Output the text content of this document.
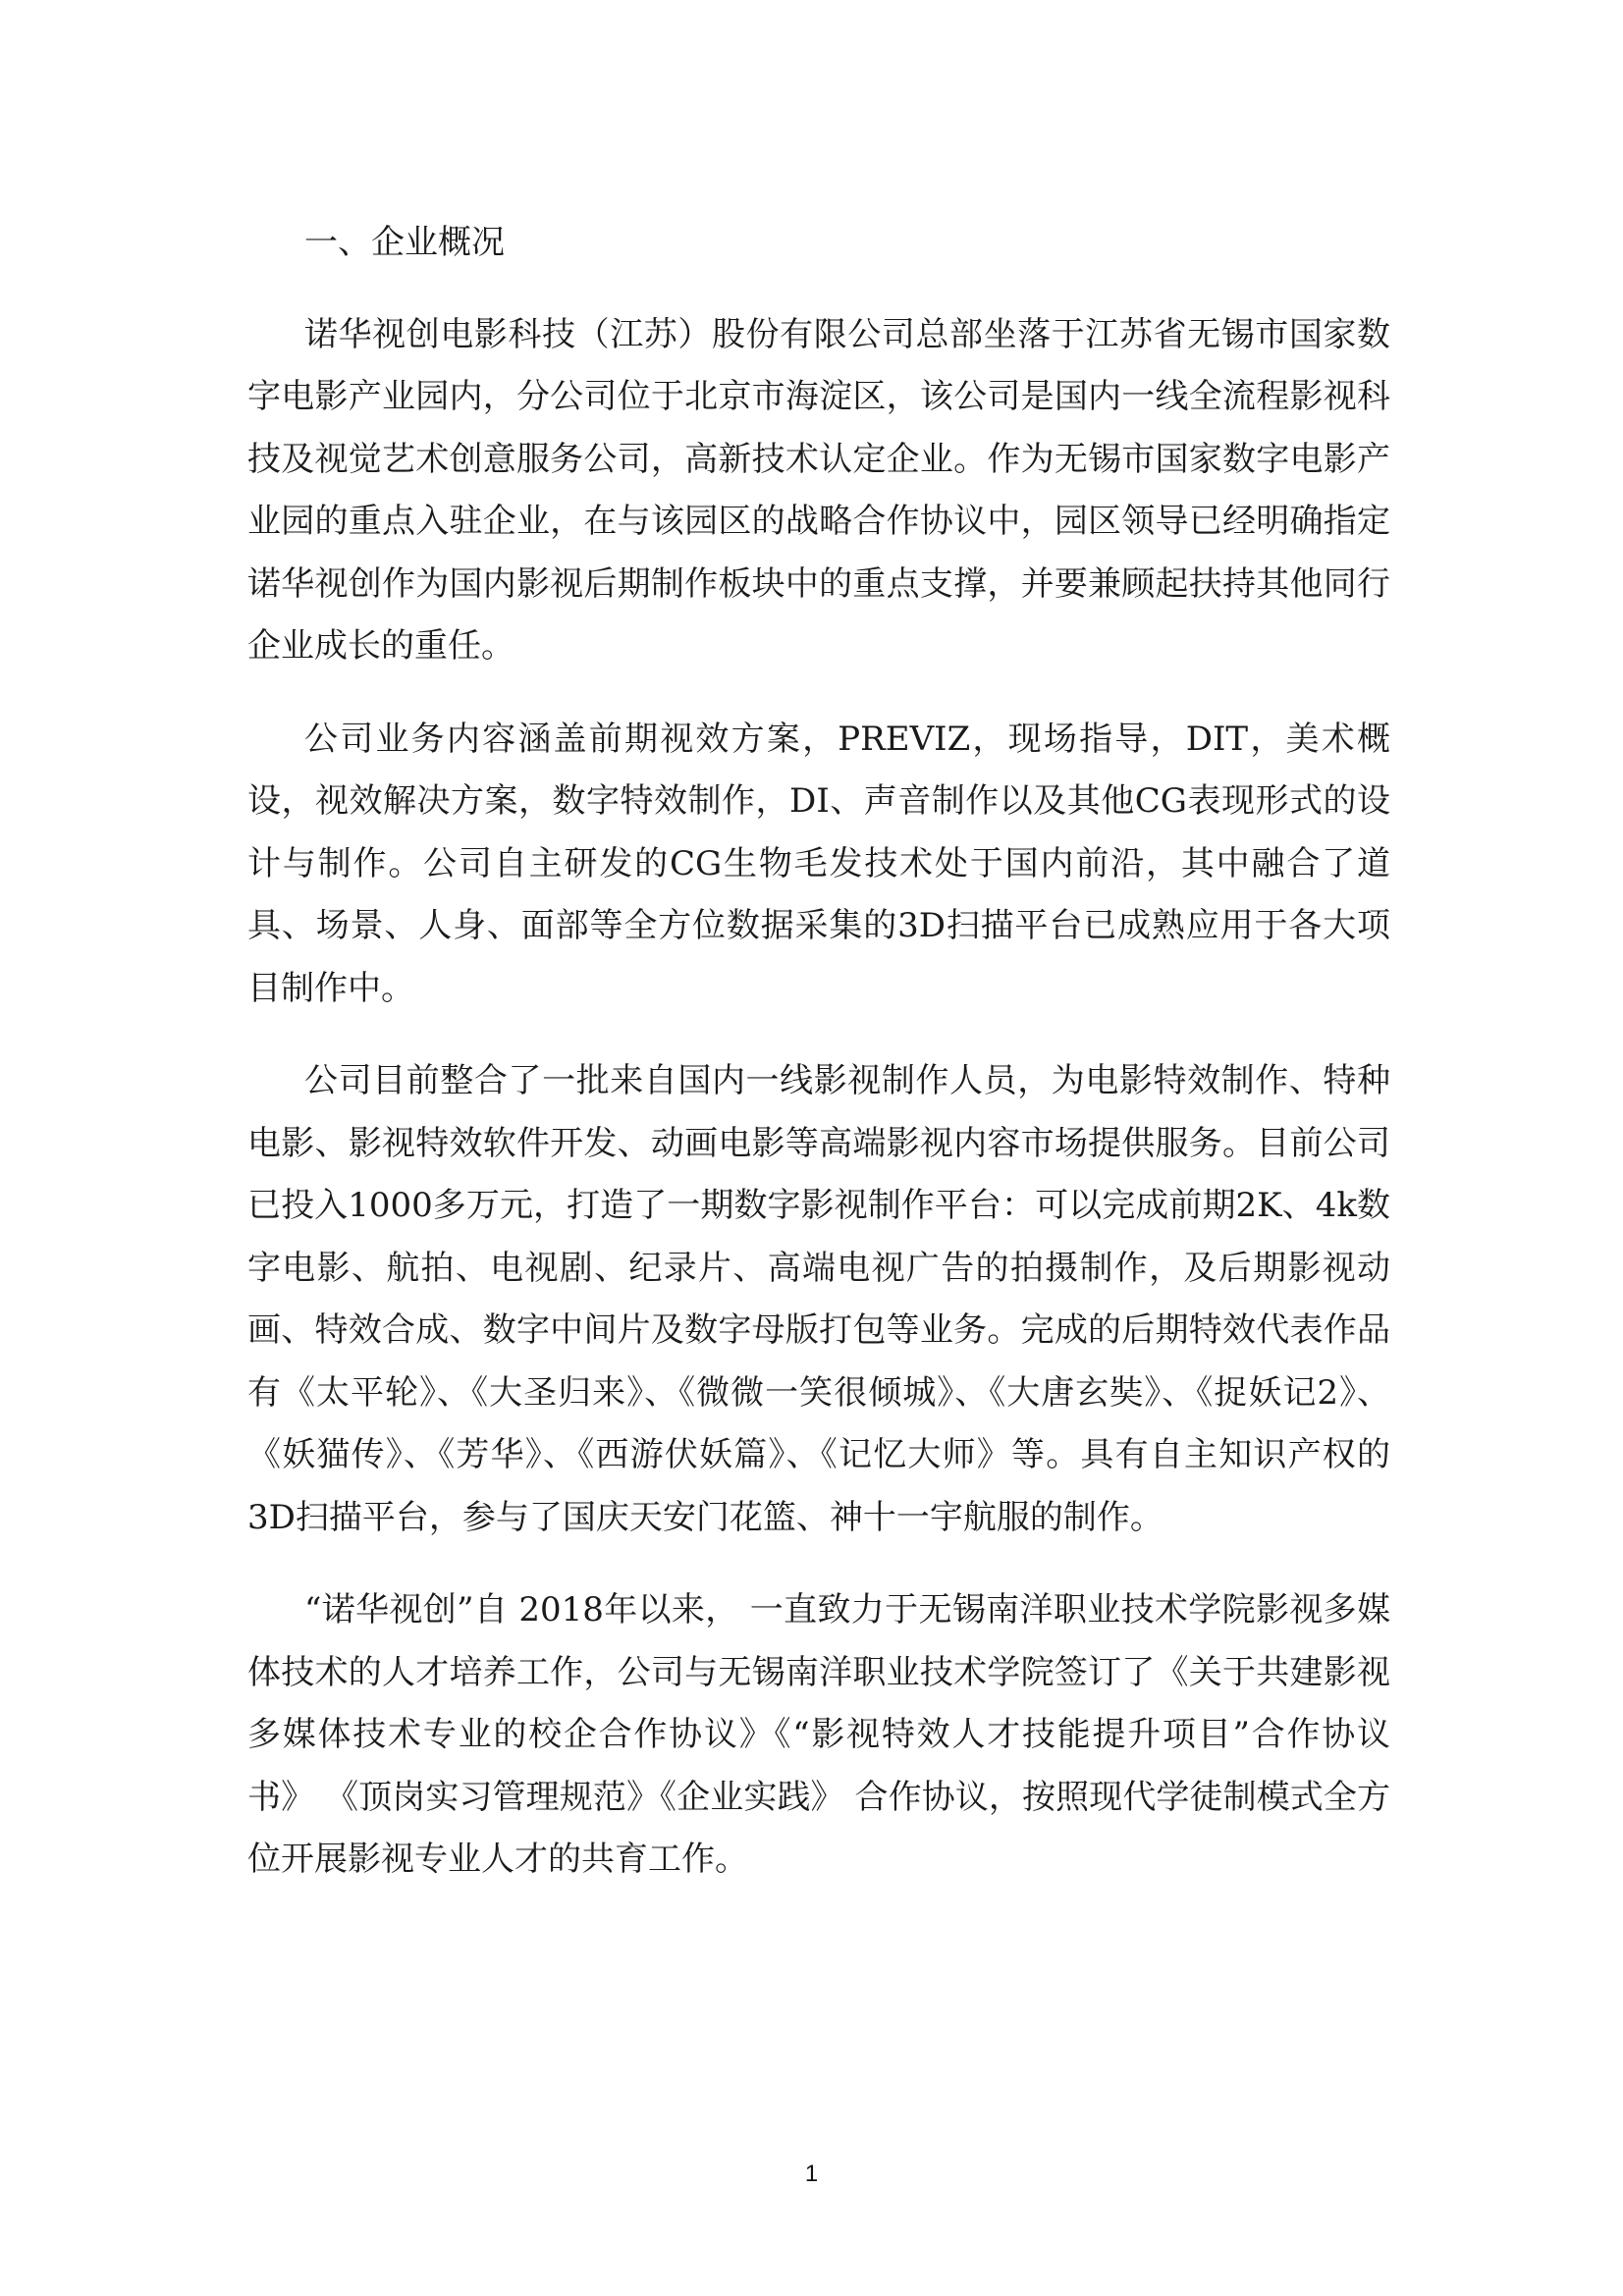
一、企业概况

诺华视创电影科技（江苏）股份有限公司总部坐落于江苏省无锡市国家数字电影产业园内，分公司位于北京市海淀区，该公司是国内一线全流程影视科技及视觉艺术创意服务公司，高新技术认定企业。作为无锡市国家数字电影产业园的重点入驻企业，在与该园区的战略合作协议中，园区领导已经明确指定诺华视创作为国内影视后期制作板块中的重点支撑，并要兼顾起扶持其他同行企业成长的重任。

公司业务内容涵盖前期视效方案，PREVIZ，现场指导，DIT，美术概设，视效解决方案，数字特效制作，DI、声音制作以及其他CG表现形式的设计与制作。公司自主研发的CG生物毛发技术处于国内前沿，其中融合了道具、场景、人身、面部等全方位数据采集的3D扫描平台已成熟应用于各大项目制作中。

公司目前整合了一批来自国内一线影视制作人员，为电影特效制作、特种电影、影视特效软件开发、动画电影等高端影视内容市场提供服务。目前公司已投入1000多万元，打造了一期数字影视制作平台：可以完成前期2K、4k数字电影、航拍、电视剧、纪录片、高端电视广告的拍摄制作，及后期影视动画、特效合成、数字中间片及数字母版打包等业务。完成的后期特效代表作品有《太平轮》、《大圣归来》、《微微一笑很倾城》、《大唐玄奘》、《捉妖记2》、《妖猫传》、《芳华》、《西游伏妖篇》、《记忆大师》等。具有自主知识产权的3D扫描平台，参与了国庆天安门花篮、神十一宇航服的制作。

“诺华视创”自 2018年以来， 一直致力于无锡南洋职业技术学院影视多媒体技术的人才培养工作，公司与无锡南洋职业技术学院签订了《关于共建影视多媒体技术专业的校企合作协议》《“影视特效人才技能提升项目”合作协议书》 《顶岗实习管理规范》《企业实践》 合作协议，按照现代学徒制模式全方位开展影视专业人才的共育工作。

1
